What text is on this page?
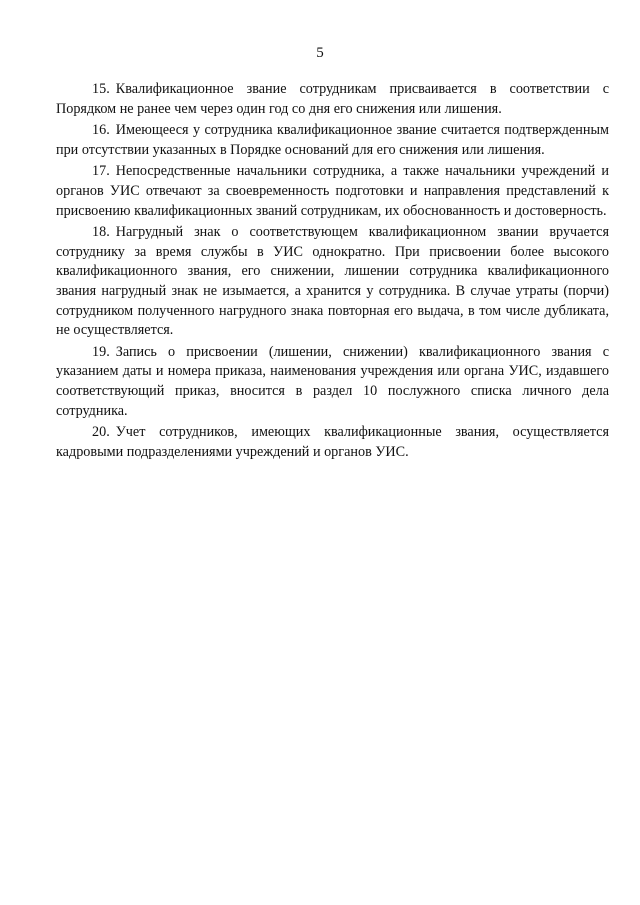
5

15. Квалификационное звание сотрудникам присваивается в соответствии с Порядком не ранее чем через один год со дня его снижения или лишения.

16. Имеющееся у сотрудника квалификационное звание считается подтвержденным при отсутствии указанных в Порядке оснований для его снижения или лишения.

17. Непосредственные начальники сотрудника, а также начальники учреждений и органов УИС отвечают за своевременность подготовки и направления представлений к присвоению квалификационных званий сотрудникам, их обоснованность и достоверность.

18. Нагрудный знак о соответствующем квалификационном звании вручается сотруднику за время службы в УИС однократно. При присвоении более высокого квалификационного звания, его снижении, лишении сотрудника квалификационного звания нагрудный знак не изымается, а хранится у сотрудника. В случае утраты (порчи) сотрудником полученного нагрудного знака повторная его выдача, в том числе дубликата, не осуществляется.

19. Запись о присвоении (лишении, снижении) квалификационного звания с указанием даты и номера приказа, наименования учреждения или органа УИС, издавшего соответствующий приказ, вносится в раздел 10 послужного списка личного дела сотрудника.

20. Учет сотрудников, имеющих квалификационные звания, осуществляется кадровыми подразделениями учреждений и органов УИС.
